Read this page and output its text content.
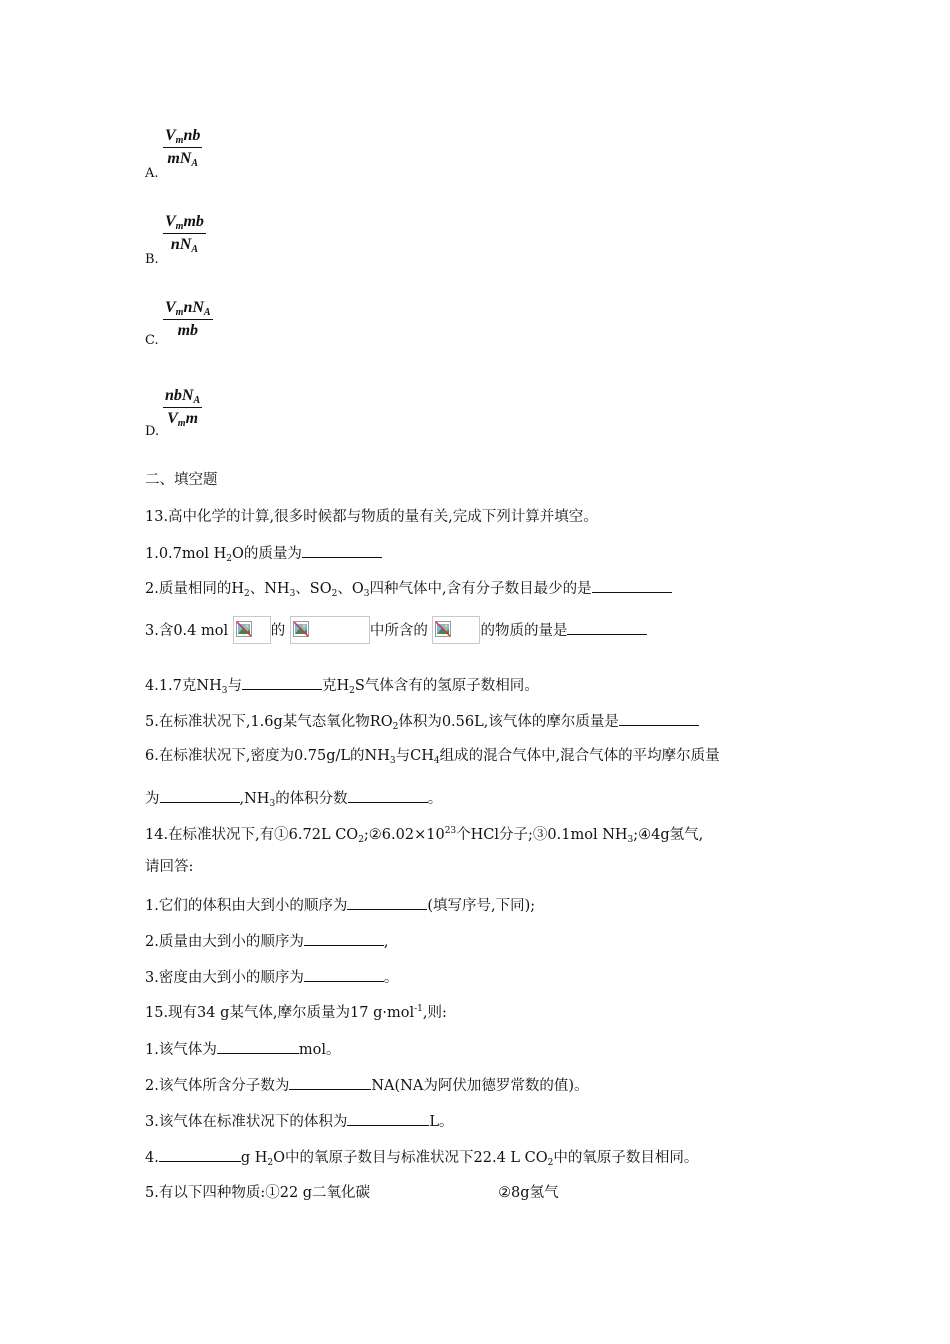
$V_mnb$
$mN_A$
A.
$V_mmb$
$nN_A$
B.
$V_mnN_A$
mb
C.
nbN$_A$
$V_mm$
D.
二、填空题
13.高中化学的计算,很多时候都与物质的量有关,完成下列计算并填空。
1.0.7mol $H_2O$的质量为
2.质量相同的$H_2$、$NH_3$、$SO_2$、$O_3$四种气体中,含有分子数目最少的是
3.含0.4 mol	的	中所含的	的物质的量是
4.1.7克$NH_3$与	克$H_2S$气体含有的氢原子数相同。
5.在标准状况下,1.6g某气态氧化物$RO_2$体积为0.56L,该气体的摩尔质量是
6.在标准状况下,密度为0.75g/L的$NH_3$与$CH_4$组成的混合气体中,混合气体的平均摩尔质量
为	$,NH_3$的体积分数	。
14.在标准状况下,有①6.72L $CO_2;②6.02\times 10^{23}$个HCl分子;③0.1mol $NH_3;④4g$氢气,
请回答:
1.它们的体积由大到小的顺序为	(填写序号,下同);
2.质量由大到小的顺序为	,
3.密度由大到小的顺序为	。
15.现有34 g某气体,摩尔质量为17 g·mol$^{-1}$,则:
1.该气体为	mol。
2.该气体所含分子数为	NA(NA为阿伏加德罗常数的值)。
3.该气体在标准状况下的体积为	L。
4.	g $H_2O$中的氧原子数目与标准状况下22.4 L $CO_2$中的氧原子数目相同。
5.有以下四种物质:①22 g二氧化碳	②8g氢气
